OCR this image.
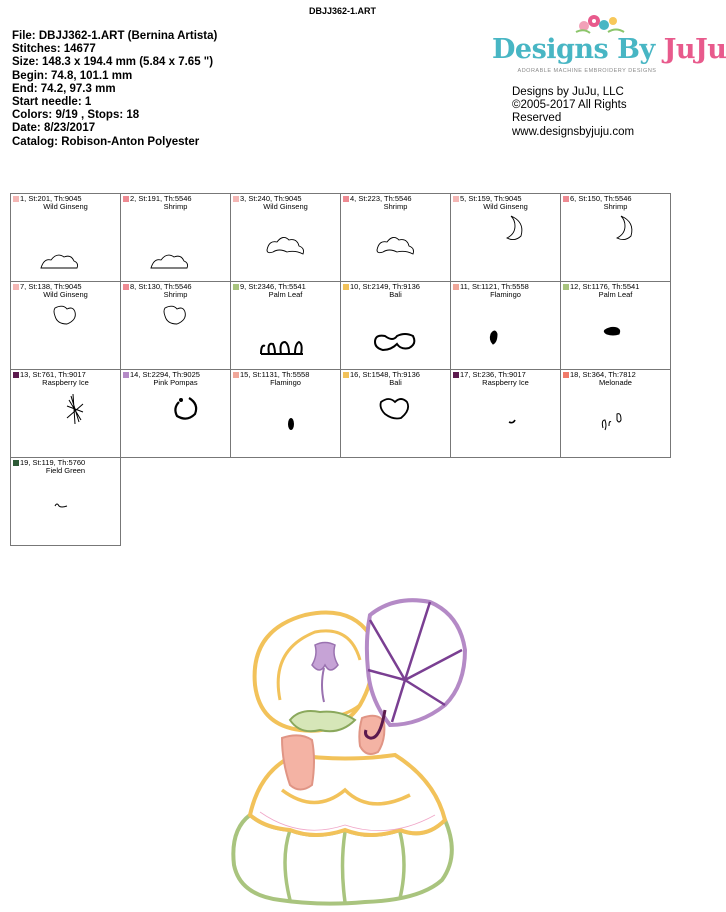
DBJJ362-1.ART
File: DBJJ362-1.ART (Bernina Artista)
Stitches: 14677
Size: 148.3 x 194.4 mm (5.84 x 7.65 ")
Begin: 74.8, 101.1 mm
End: 74.2, 97.3 mm
Start needle: 1
Colors: 9/19 , Stops: 18
Date: 8/23/2017
Catalog: Robison-Anton Polyester
Designs By JuJu
ADORABLE MACHINE EMBROIDERY DESIGNS
Designs by JuJu, LLC
©2005-2017 All Rights
Reserved
www.designsbyjuju.com
1, St:201, Th:9045
Wild Ginseng
2, St:191, Th:5546
Shrimp
3, St:240, Th:9045
Wild Ginseng
4, St:223, Th:5546
Shrimp
5, St:159, Th:9045
Wild Ginseng
6, St:150, Th:5546
Shrimp
7, St:138, Th:9045
Wild Ginseng
8, St:130, Th:5546
Shrimp
9, St:2346, Th:5541
Palm Leaf
10, St:2149, Th:9136
Bali
11, St:1121, Th:5558
Flamingo
12, St:1176, Th:5541
Palm Leaf
13, St:761, Th:9017
Raspberry Ice
14, St:2294, Th:9025
Pink Pompas
15, St:1131, Th:5558
Flamingo
16, St:1548, Th:9136
Bali
17, St:236, Th:9017
Raspberry Ice
18, St:364, Th:7812
Melonade
19, St:119, Th:5760
Field Green
